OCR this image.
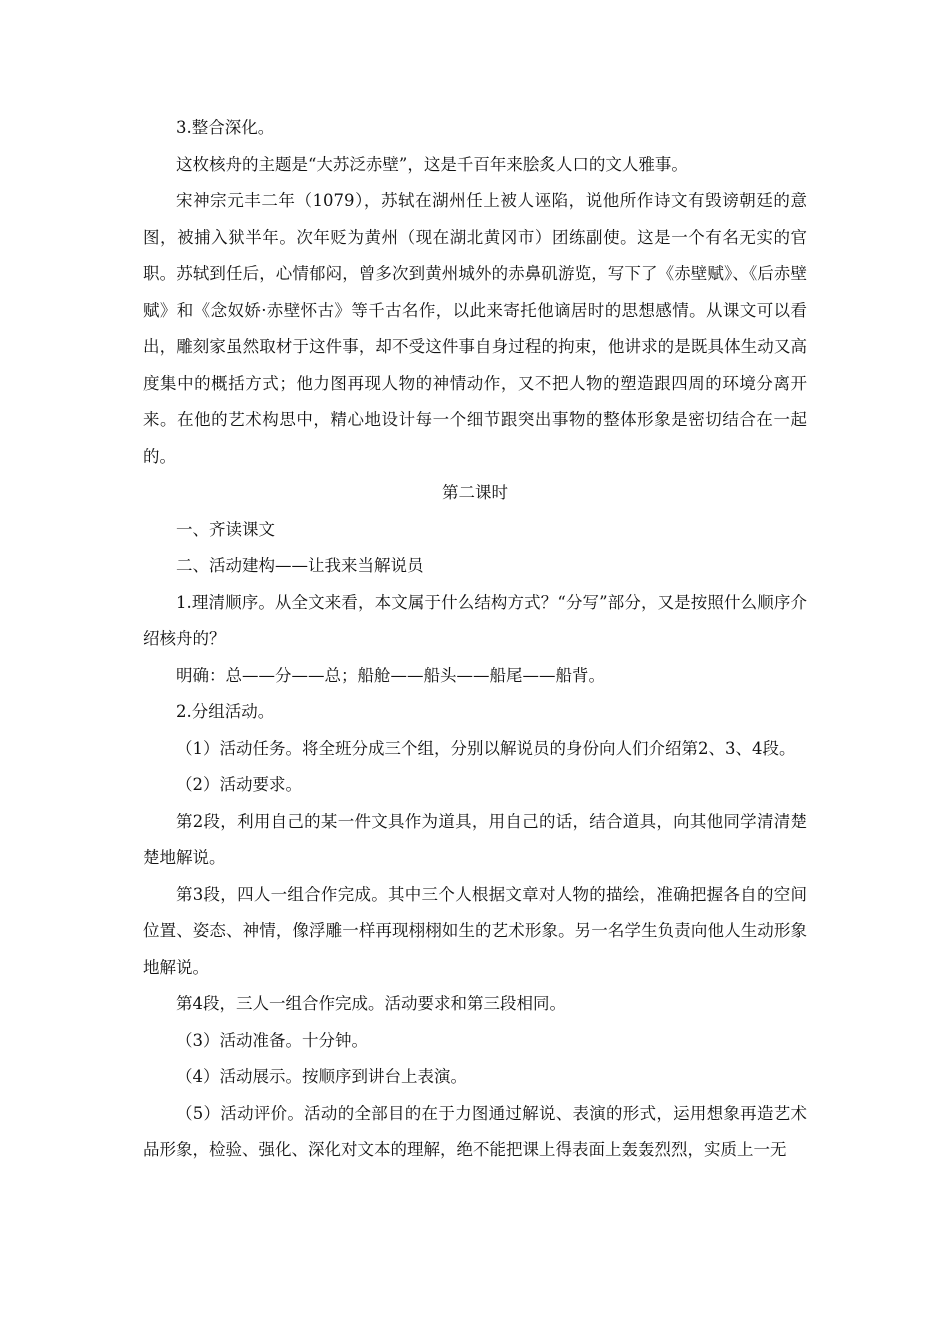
3.整合深化。

这枚核舟的主题是“大苏泛赤壁”，这是千百年来脍炙人口的文人雅事。

宋神宗元丰二年（1079），苏轼在湖州任上被人诬陷，说他所作诗文有毁谤朝廷的意图，被捕入狱半年。次年贬为黄州（现在湖北黄冈市）团练副使。这是一个有名无实的官职。苏轼到任后，心情郁闷，曾多次到黄州城外的赤鼻矶游览，写下了《赤壁赋》、《后赤壁赋》和《念奴娇·赤壁怀古》等千古名作，以此来寄托他谪居时的思想感情。从课文可以看出，雕刻家虽然取材于这件事，却不受这件事自身过程的拘束，他讲求的是既具体生动又高度集中的概括方式；他力图再现人物的神情动作，又不把人物的塑造跟四周的环境分离开来。在他的艺术构思中，精心地设计每一个细节跟突出事物的整体形象是密切结合在一起的。

第二课时

一、齐读课文

二、活动建构——让我来当解说员

1.理清顺序。从全文来看，本文属于什么结构方式？“分写”部分，又是按照什么顺序介绍核舟的？

明确：总——分——总；船舱——船头——船尾——船背。

2.分组活动。

（1）活动任务。将全班分成三个组，分别以解说员的身份向人们介绍第2、3、4段。

（2）活动要求。

第2段，利用自己的某一件文具作为道具，用自己的话，结合道具，向其他同学清清楚楚地解说。

第3段，四人一组合作完成。其中三个人根据文章对人物的描绘，准确把握各自的空间位置、姿态、神情，像浮雕一样再现栩栩如生的艺术形象。另一名学生负责向他人生动形象地解说。

第4段，三人一组合作完成。活动要求和第三段相同。

（3）活动准备。十分钟。

（4）活动展示。按顺序到讲台上表演。

（5）活动评价。活动的全部目的在于力图通过解说、表演的形式，运用想象再造艺术品形象，检验、强化、深化对文本的理解，绝不能把课上得表面上轰轰烈烈，实质上一无
